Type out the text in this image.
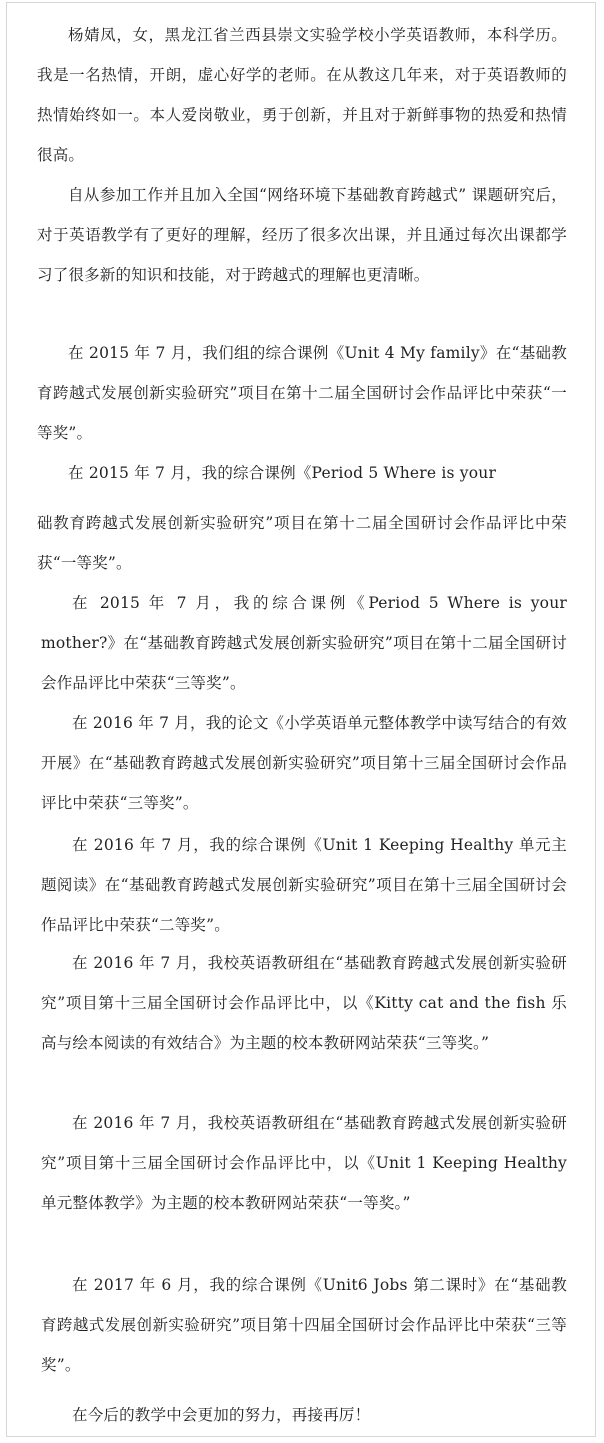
杨婧凤，女，黑龙江省兰西县崇文实验学校小学英语教师，本科学历。我是一名热情，开朗，虚心好学的老师。在从教这几年来，对于英语教师的热情始终如一。本人爱岗敬业，勇于创新，并且对于新鲜事物的热爱和热情很高。

自从参加工作并且加入全国“网络环境下基础教育跨越式” 课题研究后， 对于英语教学有了更好的理解，经历了很多次出课，并且通过每次出课都学习了很多新的知识和技能，对于跨越式的理解也更清晰。

在 2015 年 7 月，我们组的综合课例《Unit 4 My family》在“基础教育跨越式发展创新实验研究”项目在第十二届全国研讨会作品评比中荣获“一等奖”。

在 2015 年 7 月，我的综合课例《Period 5 Where is your

础教育跨越式发展创新实验研究”项目在第十二届全国研讨会作品评比中荣获“一等奖”。

在 2015 年 7 月，我的综合课例《Period 5 Where is your mother?》在“基础教育跨越式发展创新实验研究”项目在第十二届全国研讨会作品评比中荣获“三等奖”。

在 2016 年 7 月，我的论文《小学英语单元整体教学中读写结合的有效开展》在“基础教育跨越式发展创新实验研究”项目第十三届全国研讨会作品评比中荣获“三等奖”。

在 2016 年 7 月，我的综合课例《Unit 1 Keeping Healthy 单元主题阅读》在“基础教育跨越式发展创新实验研究”项目在第十三届全国研讨会作品评比中荣获“二等奖”。

在 2016 年 7 月，我校英语教研组在“基础教育跨越式发展创新实验研究”项目第十三届全国研讨会作品评比中，以《Kitty cat and the fish 乐高与绘本阅读的有效结合》为主题的校本教研网站荣获“三等奖。”

在 2016 年 7 月，我校英语教研组在“基础教育跨越式发展创新实验研究”项目第十三届全国研讨会作品评比中，以《Unit 1 Keeping Healthy 单元整体教学》为主题的校本教研网站荣获“一等奖。”

在 2017 年 6 月，我的综合课例《Unit6 Jobs 第二课时》在“基础教育跨越式发展创新实验研究”项目第十四届全国研讨会作品评比中荣获“三等奖”。

在今后的教学中会更加的努力，再接再厉！
